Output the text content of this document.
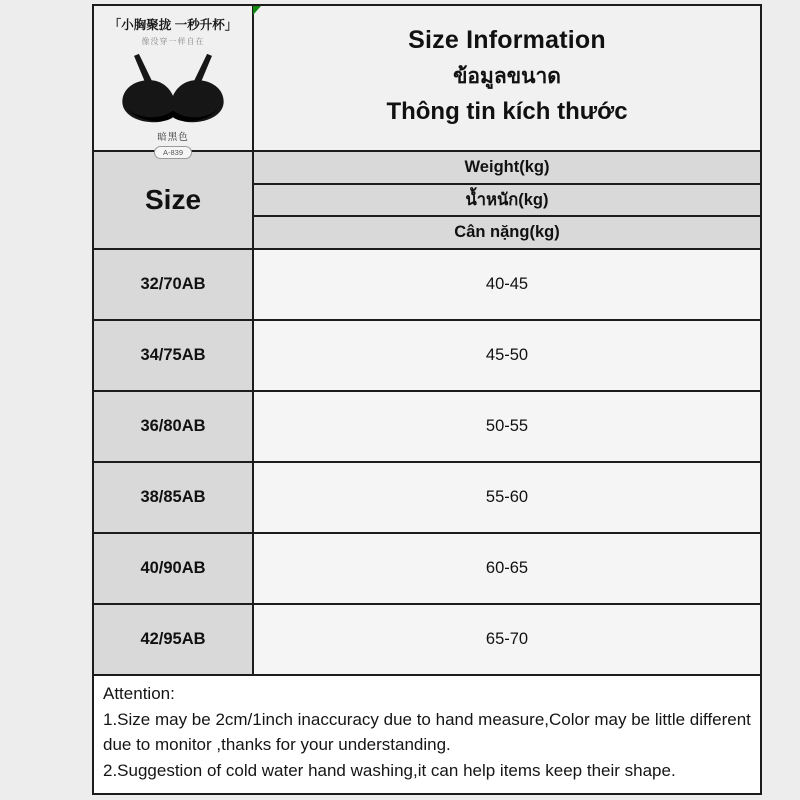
「小胸聚拢 一秒升杯」
像没穿一样自在
暗黑色
A-839
Size Information
ข้อมูลขนาด
Thông tin kích thước
Size
Weight(kg)
น้ำหนัก(kg)
Cân nặng(kg)
32/70AB	40-45
34/75AB	45-50
36/80AB	50-55
38/85AB	55-60
40/90AB	60-65
42/95AB	65-70
Attention:
1.Size may be 2cm/1inch inaccuracy due to hand measure,Color may be little different due to monitor ,thanks for your understanding.
2.Suggestion of cold water hand washing,it can help items keep their shape.
